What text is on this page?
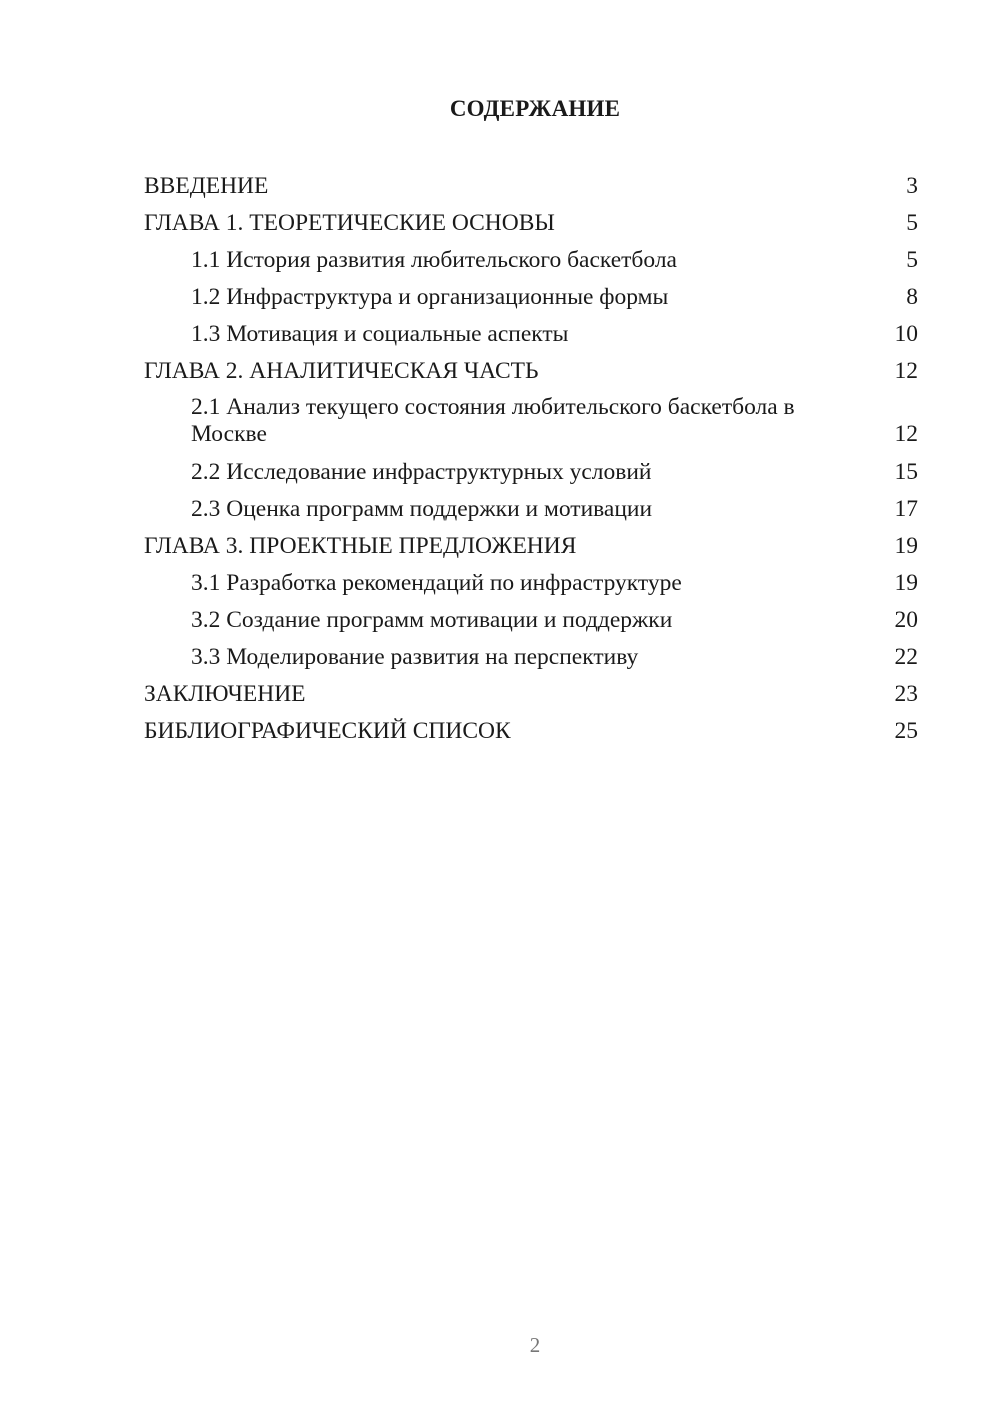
СОДЕРЖАНИЕ
ВВЕДЕНИЕ	3
ГЛАВА 1. ТЕОРЕТИЧЕСКИЕ ОСНОВЫ	5
1.1 История развития любительского баскетбола	5
1.2 Инфраструктура и организационные формы	8
1.3 Мотивация и социальные аспекты	10
ГЛАВА 2. АНАЛИТИЧЕСКАЯ ЧАСТЬ	12
2.1 Анализ текущего состояния любительского баскетбола в Москве	12
2.2 Исследование инфраструктурных условий	15
2.3 Оценка программ поддержки и мотивации	17
ГЛАВА 3. ПРОЕКТНЫЕ ПРЕДЛОЖЕНИЯ	19
3.1 Разработка рекомендаций по инфраструктуре	19
3.2 Создание программ мотивации и поддержки	20
3.3 Моделирование развития на перспективу	22
ЗАКЛЮЧЕНИЕ	23
БИБЛИОГРАФИЧЕСКИЙ СПИСОК	25
2
